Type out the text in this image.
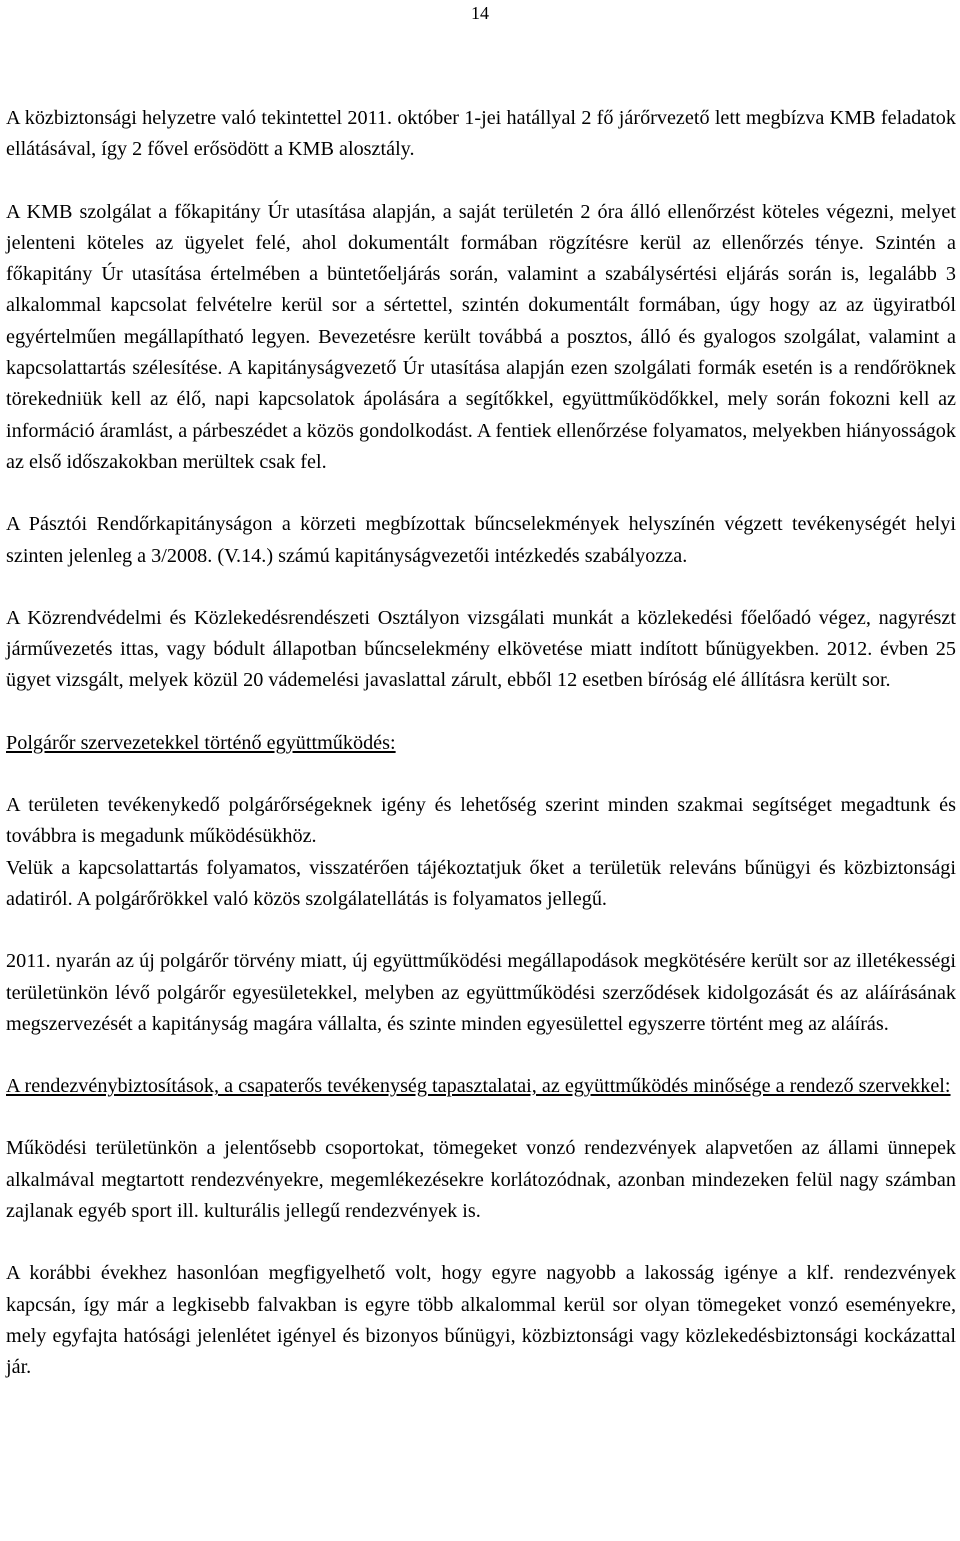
14

A közbiztonsági helyzetre való tekintettel 2011. október 1-jei hatállyal 2 fő járőrvezető lett megbízva KMB feladatok ellátásával, így 2 fővel erősödött a KMB alosztály.

A KMB szolgálat a főkapitány Úr utasítása alapján, a saját területén 2 óra álló ellenőrzést köteles végezni, melyet jelenteni köteles az ügyelet felé, ahol dokumentált formában rögzítésre kerül az ellenőrzés ténye. Szintén a főkapitány Úr utasítása értelmében a büntetőeljárás során, valamint a szabálysértési eljárás során is, legalább 3 alkalommal kapcsolat felvételre kerül sor a sértettel, szintén dokumentált formában, úgy hogy az az ügyiratból egyértelműen megállapítható legyen. Bevezetésre került továbbá a posztos, álló és gyalogos szolgálat, valamint a kapcsolattartás szélesítése. A kapitányságvezető Úr utasítása alapján ezen szolgálati formák esetén is a rendőröknek törekedniük kell az élő, napi kapcsolatok ápolására a segítőkkel, együttműködőkkel, mely során fokozni kell az információ áramlást, a párbeszédet a közös gondolkodást. A fentiek ellenőrzése folyamatos, melyekben hiányosságok az első időszakokban merültek csak fel.

A Pásztói Rendőrkapitányságon a körzeti megbízottak bűncselekmények helyszínén végzett tevékenységét helyi szinten jelenleg a 3/2008. (V.14.) számú kapitányságvezetői intézkedés szabályozza.

A Közrendvédelmi és Közlekedésrendészeti Osztályon vizsgálati munkát a közlekedési főelőadó végez, nagyrészt járművezetés ittas, vagy bódult állapotban bűncselekmény elkövetése miatt indított bűnügyekben. 2012. évben 25 ügyet vizsgált, melyek közül 20 vádemelési javaslattal zárult, ebből 12 esetben bíróság elé állításra került sor.

Polgárőr szervezetekkel történő együttműködés:

A területen tevékenykedő polgárőrségeknek igény és lehetőség szerint minden szakmai segítséget megadtunk és továbbra is megadunk működésükhöz.

Velük a kapcsolattartás folyamatos, visszatérően tájékoztatjuk őket a területük releváns bűnügyi és közbiztonsági adatiról. A polgárőrökkel való közös szolgálatellátás is folyamatos jellegű.

2011. nyarán az új polgárőr törvény miatt, új együttműködési megállapodások megkötésére került sor az illetékességi területünkön lévő polgárőr egyesületekkel, melyben az együttműködési szerződések kidolgozását és az aláírásának megszervezését a kapitányság magára vállalta, és szinte minden egyesülettel egyszerre történt meg az aláírás.

A rendezvénybiztosítások, a csapaterős tevékenység tapasztalatai, az együttműködés minősége a rendező szervekkel:

Működési területünkön a jelentősebb csoportokat, tömegeket vonzó rendezvények alapvetően az állami ünnepek alkalmával megtartott rendezvényekre, megemlékezésekre korlátozódnak, azonban mindezeken felül nagy számban zajlanak egyéb sport ill. kulturális jellegű rendezvények is.

A korábbi évekhez hasonlóan megfigyelhető volt, hogy egyre nagyobb a lakosság igénye a klf. rendezvények kapcsán, így már a legkisebb falvakban is egyre több alkalommal kerül sor olyan tömegeket vonzó eseményekre, mely egyfajta hatósági jelenlétet igényel és bizonyos bűnügyi, közbiztonsági vagy közlekedésbiztonsági kockázattal jár.
